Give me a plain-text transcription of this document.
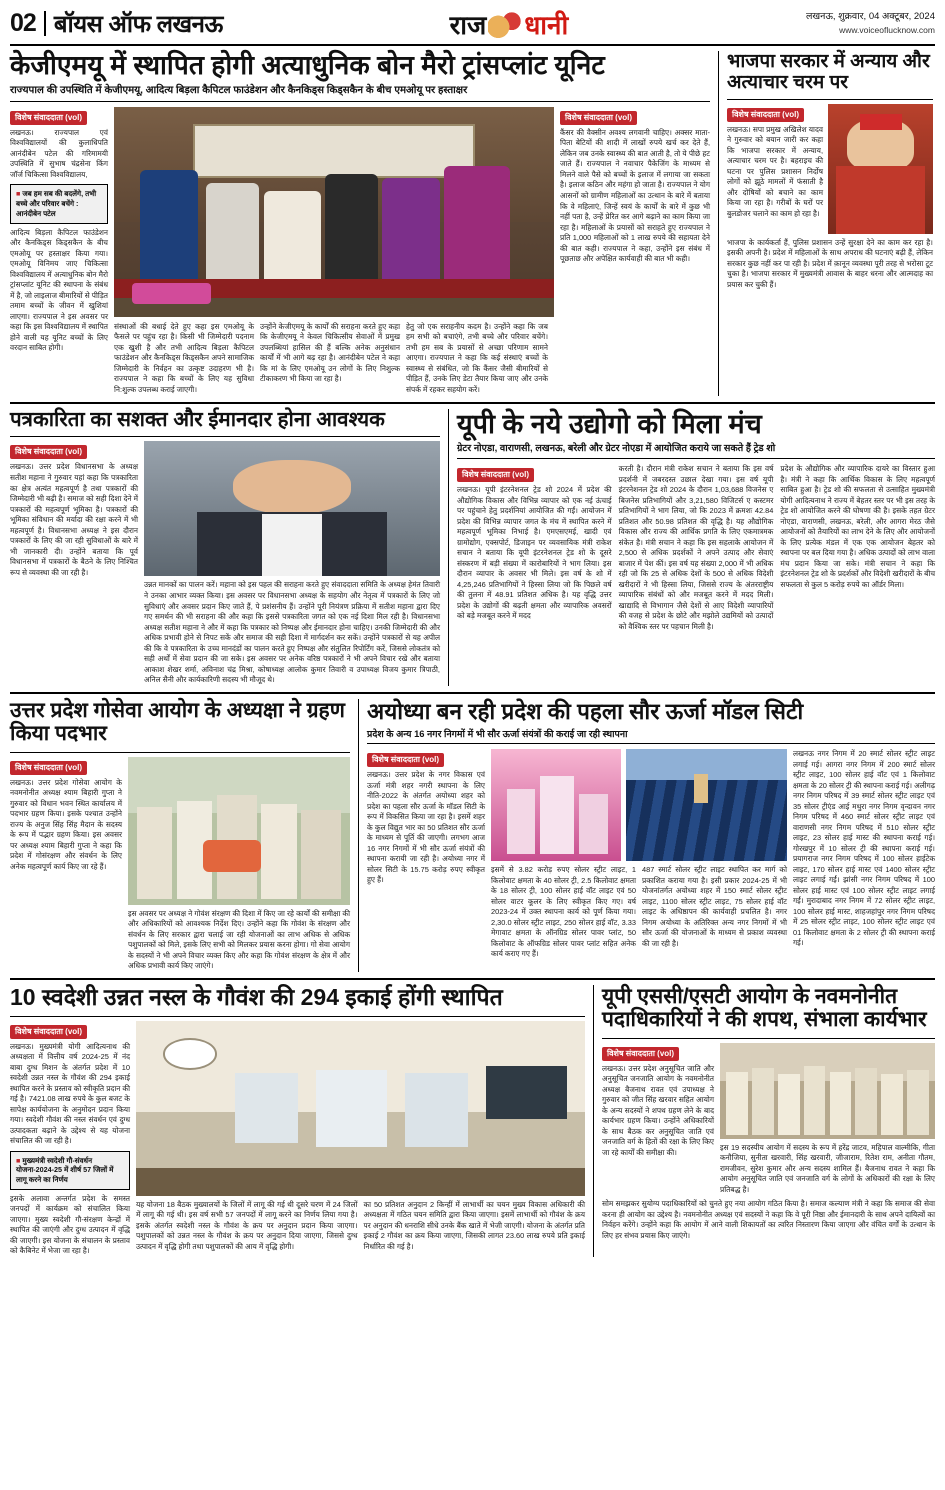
02 बॉयस ऑफ लखनऊ	राज धानी	लखनऊ, शुक्रवार, 04 अक्टूबर, 2024
www.voiceoflucknow.com
केजीएमयू में स्थापित होगी अत्याधुनिक बोन मैरो ट्रांसप्लांट यूनिट
राज्यपाल की उपस्थिति में केजीएमयू, आदित्य बिड़ला कैपिटल फाउंडेशन और कैनकिड्स किड्सकैन के बीच एमओयू पर हस्ताक्षर
विशेष संवाददाता (vol)
लखनऊ। राज्यपाल एवं विश्वविद्यालयों की कुलाधिपति आनंदीबेन पटेल की गरिमामयी उपस्थिति में सुभाष चंद्रसेना किंग जॉर्ज चिकित्सा विश्वविद्यालय,
■ जब हम सब की बदलेंगे, तभी बच्चे और परिवार बचेंगे : आनंदीबेन पटेल
आदित्य बिड़ला कैपिटल फाउंडेशन और कैनकिड्स किड्सकैन के बीच एमओयू पर हस्ताक्षर किया गया। एमओयू विनिमय जाए चिकित्सा विश्वविद्यालय में अत्याधुनिक बोन मैरो ट्रांसप्लांट यूनिट की स्थापना के संबंध में है, जो लाइलाज बीमारियों से पीड़ित तमाम बच्चों के जीवन में खुशियां लाएगा। राज्यपाल ने इस अवसर पर कहा कि इस विश्वविद्यालय में स्थापित होने वाली यह यूनिट बच्चों के लिए वरदान साबित होगी।
विशेष संवाददाता (vol)
कैंसर की वैक्सीन अवश्य लगवानी चाहिए। अक्सर माता-पिता बेटियों की शादी में लाखों रुपये खर्च कर देते हैं, लेकिन जब उनके स्वास्थ्य की बात आती है, तो ये पीछे हट जाते हैं। राज्यपाल ने नवाचार पैकेजिंग के माध्यम से मिलने वाले पैसे को बच्चों के इलाज में लगाया जा सकता है। इलाज कठिन और महंगा हो जाता है। राज्यपाल ने योग आसनों को ग्रामीण महिलाओं का उत्थान के बारे में बताया कि वे महिलाएं, जिन्हें स्वयं के कार्यों के बारे में कुछ भी नहीं पता है, उन्हें प्रेरित कर आगे बढ़ाने का काम किया जा रहा है। महिलाओं के प्रयासों को सराहते हुए राज्यपाल ने प्रति 1,000 महिलाओं को 1 लाख रुपये की सहायता देने की बात कही। राज्यपाल ने कहा, उन्होंने इस संबंध में पूछताछ और अपेक्षित कार्यवाही की बात भी कही।
संस्थाओं की बधाई देते हुए कहा इस एमओयू के फैसले पर पहुंच रहा है। किसी भी जिम्मेदारी पदनाम एक खुशी है और तभी आदित्य बिड़ला कैपिटल फाउंडेशन और कैनकिड्स किड्सकैन अपने सामाजिक जिम्मेदारी के निर्वहन का उत्कृष्ट उदाहरण भी है। राज्यपाल ने कहा कि बच्चों के लिए यह सुविधा नि:शुल्क उपलब्ध कराई जाएगी।
उन्होंने केजीएमयू के कार्यों की सराहना करते हुए कहा कि केजीएमयू ने केवल चिकित्सीय सेवाओं में प्रमुख उपलब्धियां हासिल की हैं बल्कि अनेक अनुसंधान कार्यों में भी आगे बढ़ रहा है। आनंदीबेन पटेल ने कहा कि मां के लिए एमओयू उन लोगों के लिए निशुल्क टीकाकरण भी किया जा रहा है।
हेतु जो एक सराहनीय कदम है। उन्होंने कहा कि जब हम सभी को बचाएंगे, तभी बच्चे और परिवार बचेंगे। तभी हम सब के प्रयासों से अच्छा परिणाम सामने आएगा। राज्यपाल ने कहा कि कई संस्थाएं बच्चों के स्वास्थ्य से संबंधित, जो कि कैंसर जैसी बीमारियों से पीड़ित हैं, उनके लिए डेटा तैयार किया जाए और उनके संपर्क में रहकर सहयोग करें।
भाजपा सरकार में अन्याय और अत्याचार चरम पर
विशेष संवाददाता (vol)
लखनऊ। सपा प्रमुख अखिलेश यादव ने गुरुवार को बयान जारी कर कहा कि भाजपा सरकार में अन्याय, अत्याचार चरम पर है। बहराइच की घटना पर पुलिस प्रशासन निर्दोष लोगों को झूठे मामलों में फंसाती है और दोषियों को बचाने का काम किया जा रहा है। गरीबों के घरों पर बुलडोजर चलाने का काम हो रहा है।
भाजपा के कार्यकर्ता हैं, पुलिस प्रशासन उन्हें सुरक्षा देने का काम कर रहा है। इसकी अपनी है। प्रदेश में महिलाओं के साथ अपराध की घटनाएं बढ़ी हैं, लेकिन सरकार कुछ नहीं कर पा रही है। प्रदेश में क़ानून व्यवस्था पूरी तरह से भरोसा टूट चुका है। भाजपा सरकार में मुख्यमंत्री आवास के बाहर धरना और आत्मदाह का प्रयास कर चुकी हैं।
पत्रकारिता का सशक्त और ईमानदार होना आवश्यक
विशेष संवाददाता (vol)
लखनऊ। उत्तर प्रदेश विधानसभा के अध्यक्ष सतीश महाना ने गुरुवार यहां कहा कि पत्रकारिता का क्षेत्र अत्यंत महत्वपूर्ण है तथा पत्रकारों की जिम्मेदारी भी बढ़ी है। समाज को सही दिशा देने में पत्रकारों की महत्वपूर्ण भूमिका है। पत्रकारों की भूमिका संविधान की मर्यादा की रक्षा करने में भी महत्वपूर्ण है। विधानसभा अध्यक्ष ने इस दौरान पत्रकारों के लिए की जा रही सुविधाओं के बारे में भी जानकारी दी। उन्होंने बताया कि पूर्व विधानसभा में पत्रकारों के बैठने के लिए निश्चित रूप से व्यवस्था की जा रही है।
उन्नत मानकों का पालन करें। महाना को इस पहल की सराहना करते हुए संवाददाता समिति के अध्यक्ष हेमंत तिवारी ने उनका आभार व्यक्त किया। इस अवसर पर विधानसभा अध्यक्ष के सहयोग और नेतृत्व में पत्रकारों के लिए जो सुविधाएं और अवसर प्रदान किए जाते हैं, पे प्रशंसनीय हैं। उन्होंने पूरी नियंत्रण प्रक्रिया में सतीश महाना द्वारा दिए गए समर्थन की भी सराहना की और कहा कि इससे पत्रकारिता जगत को एक नई दिशा मिल रही है। विधानसभा अध्यक्ष सतीश महाना ने और में कहा कि पत्रकार को निष्पक्ष और ईमानदार होना चाहिए। उनकी जिम्मेदारी की और अधिक प्रभावी होने से निपट सकें और समाज की सही दिशा में मार्गदर्शन कर सकें। उन्होंने पत्रकारों से यह अपील की कि वे पत्रकारिता के उच्च मानदंडों का पालन करते हुए निष्पक्ष और संतुलित रिपोर्टिंग करें, जिससे लोकतंत्र को सही अर्थों में सेवा प्रदान की जा सके। इस अवसर पर अनेक वरिष्ठ पत्रकारों ने भी अपने विचार रखे और बताया आकाश शेखर शर्मा, अविनाश चंद्र मिश्रा, कोषाध्यक्ष आलोक कुमार तिवारी व उपाध्यक्ष विजय कुमार त्रिपाठी, अनिल सैनी और कार्यकारिणी सदस्य भी मौजूद थे।
यूपी के नये उद्योगो को मिला मंच
ग्रेटर नोएडा, वाराणसी, लखनऊ, बरेली और ग्रेटर नोएडा में आयोजित कराये जा सकते हैं ट्रेड शो
विशेष संवाददाता (vol)
लखनऊ। यूपी इंटरनेशनल ट्रेड शो 2024 में प्रदेश की औद्योगिक विकास और विभिन्न व्यापार को एक नई ऊंचाई पर पहुंचाने हेतु प्रदर्शनियां आयोजित की गईं। आयोजन में प्रदेश की विभिन्न व्यापार जगत के मंच में स्थापित करने में महत्वपूर्ण भूमिका निभाई है। एमएसएमई, खादी एवं ग्रामोद्योग, एक्सपोर्ट, डिजाइन पर व्यवसायिक मंत्री राकेश सचान ने बताया कि यूपी इंटरनेशनल ट्रेड शो के दूसरे संस्करण में बड़ी संख्या में कारोबारियों ने भाग लिया। इस दौरान व्यापार के अवसर भी मिले। इस वर्ष के शो में 4,25,246 प्रतिभागियों ने हिस्सा लिया जो कि पिछले वर्ष की तुलना में 48.91 प्रतिशत अधिक है। यह वृद्धि उत्तर प्रदेश के उद्योगों की बढ़ती क्षमता और व्यापारिक अवसरों को बड़े मजबूत करने में मदद
करती है। दौरान मंत्री राकेश सचान ने बताया कि इस वर्ष प्रदर्शनी में जबरदस्त उछाल देखा गया। इस वर्ष यूपी इंटरनेशनल ट्रेड शो 2024 के दौरान 1,03,688 विजनेस ए बिजनेस प्रतिभागियों और 3,21,580 विजिटर्स ए कस्टमर प्रतिभागियों ने भाग लिया, जो कि 2023 में क्रमशः 42.84 प्रतिशत और 50.98 प्रतिशत की वृद्धि है। यह औद्योगिक विकास और राज्य की आर्थिक प्रगति के लिए एकमात्रमक संकेत है। मंत्री सचान ने कहा कि इस सहलाके आयोजन में 2,500 से अधिक प्रदर्शकों ने अपने उत्पाद और सेवाएं बाजार में पेश कीं। इस वर्ष यह संख्या 2,000 में भी अधिक रही जो कि 25 से अधिक देशों के 500 से अधिक विदेशी खरीदारों ने भी हिस्सा लिया, जिससे राज्य के अंतरराष्ट्रीय व्यापारिक संबंधों को और मजबूत करने में मदद मिली। खाद्यादि से विभागान जैसे देशों से आए विदेशी व्यापारियों की वजह से प्रदेश के छोटे और मझोले उद्यमियों को उत्पादों को वैश्विक स्तर पर पहचान मिली है।
प्रदेश के औद्योगिक और व्यापारिक दायरे का विस्तार हुआ है। मंत्री ने कहा कि आर्थिक विकास के लिए महत्वपूर्ण साबित हुआ है। ट्रेड शो की सफलता से उत्साहित मुख्यमंत्री योगी आदित्यनाथ ने राज्य में बेहतर स्तर पर भी इस तरह के ट्रेड शो आयोजित करने की घोषणा की है। इसके तहत ग्रेटर नोएडा, वाराणसी, लखनऊ, बरेली, और आगरा मेरठ जैसे आयोजनों को तैयारियों का लाभ देने के लिए और आयोजनों के लिए प्रत्येक मंडल में एक एक आयोजन बेहतर को स्थापना पर बल दिया गया है। अधिक उत्पादों को लाभ वाला मंच प्रदान किया जा सके। मंत्री सचान ने कहा कि इंटरनेशनल ट्रेड शो के प्रदर्शकों और विदेशी खरीदारों के बीच सफलता से कुल 5 करोड़ रुपये का ऑर्डर मिला।
उत्तर प्रदेश गोसेवा आयोग के अध्यक्षा ने ग्रहण किया पदभार
विशेष संवाददाता (vol)
लखनऊ। उत्तर प्रदेश गोसेवा आयोग के नवमनोनीत अध्यक्ष श्याम बिहारी गुप्ता ने गुरुवार को विधान भवन स्थित कार्यालय में पदभार ग्रहण किया। इसके पश्चात उन्होंने राज्य के अनुज सिंह सिंह मैदान के सदस्य के रूप में पद्भार ग्रहण किया। इस अवसर पर अध्यक्ष श्याम बिहारी गुप्ता ने कहा कि प्रदेश में गोसंरक्षण और संवर्धन के लिए अनेक महत्वपूर्ण कार्य किए जा रहे हैं।
इस अवसर पर अध्यक्ष ने गोवंश संरक्षण की दिशा में किए जा रहे कार्यों की समीक्षा की और अधिकारियों को आवश्यक निर्देश दिए। उन्होंने कहा कि गोवंश के संरक्षण और संवर्धन के लिए सरकार द्वारा चलाई जा रही योजनाओं का लाभ अधिक से अधिक पशुपालकों को मिले, इसके लिए सभी को मिलकर प्रयास करना होगा। गो सेवा आयोग के सदस्यों ने भी अपने विचार व्यक्त किए और कहा कि गोवंश संरक्षण के क्षेत्र में और अधिक प्रभावी कार्य किए जाएंगे।
अयोध्या बन रही प्रदेश की पहला सौर ऊर्जा मॉडल सिटी
प्रदेश के अन्य 16 नगर निगमों में भी सौर ऊर्जा संयंत्रों की कराई जा रही स्थापना
विशेष संवाददाता (vol)
लखनऊ। उत्तर प्रदेश के नगर विकास एवं ऊर्जा मंत्री शहर नगरी स्थापना के लिए नीति-2022 के अंतर्गत अयोध्या शहर को प्रदेश का पहला सौर ऊर्जा के मॉडल सिटी के रूप में विकसित किया जा रहा है। इसमें शहर के कुल विद्युत भार का 50 प्रतिशत सौर ऊर्जा के माध्यम से पूर्ति की जाएगी। लगभग आज 16 नगर निगमों में भी सौर ऊर्जा संयंत्रों की स्थापना करायी जा रही है। अयोध्या नगर में सोलर सिटी के 15.75 करोड़ रुपए स्वीकृत हुए हैं।
इसमें से 3.82 करोड़ रुपए सोलर स्ट्रीट लाइट, 1 किलोवाट क्षमता के 40 सोलर ट्री, 2.5 किलोवाट क्षमता के 18 सोलर ट्री, 100 सोलर हाई वॉट लाइट एवं 50 सोलर वाटर कूलर के लिए स्वीकृत किए गए। वर्ष 2023-24 में उक्त स्थापना कार्य को पूर्ण किया गया। 2,30.0 सोलर स्ट्रीट लाइट, 250 सोलर हाई वॉट, 3.33 मेगावाट क्षमता के ऑनग्रिड सोलर पावर प्लांट, 50 किलोवाट के ऑफग्रिड सोलर पावर प्लांट सहित अनेक कार्य कराए गए हैं।
487 स्मार्ट सोलर स्ट्रीट लाइट स्थापित कर मार्ग को प्रकाशित कराया गया है। इसी प्रकार 2024-25 में भी योजनांतर्गत अयोध्या शहर में 150 स्मार्ट सोलर स्ट्रीट लाइट, 1100 सोलर स्ट्रीट लाइट, 75 सोलर हाई वॉट लाइट के अधिष्ठापन की कार्यवाही प्रचलित है। नगर निगम अयोध्या के अतिरिक्त अन्य नगर निगमों में भी सौर ऊर्जा की योजनाओं के माध्यम से प्रकाश व्यवस्था की जा रही है।
लखनऊ नगर निगम में 20 स्मार्ट सोलर स्ट्रीट लाइट लगाई गई। आगरा नगर निगम में 200 स्मार्ट सोलर स्ट्रीट लाइट, 100 सोलर हाई वॉट एवं 1 किलोवाट क्षमता के 20 सोलर ट्री की स्थापना कराई गई। अलीगढ़ नगर निगम परिषद में 39 स्मार्ट सोलर स्ट्रीट लाइट एवं 35 सोलर ट्रीएंड आई मथुरा नगर निगम वृन्दावन नगर निगम परिषद में 460 स्मार्ट सोलर स्ट्रीट लाइट एवं वाराणसी नगर निगम परिषद में 510 सोलर स्ट्रीट लाइट, 23 सोलर हाई मास्ट की स्थापना कराई गई। गोरखपुर में 10 सोलर ट्री की स्थापना कराई गई। प्रयागराज नगर निगम परिषद में 100 सोलर हाईटेक लाइट, 170 सोलर हाई मास्ट एवं 1400 सोलर स्ट्रीट लाइट लगाई गईं। झांसी नगर निगम परिषद में 100 सोलर हाई मास्ट एवं 100 सोलर स्ट्रीट लाइट लगाई गईं। मुरादाबाद नगर निगम में 72 सोलर स्ट्रीट लाइट, 100 सोलर हाई मास्ट, शाहजहांपुर नगर निगम परिषद में 25 सोलर स्ट्रीट लाइट, 100 सोलर स्ट्रीट लाइट एवं 01 किलोवाट क्षमता के 2 सोलर ट्री की स्थापना कराई गई।
10 स्वदेशी उन्नत नस्ल के गौवंश की 294 इकाई होंगी स्थापित
विशेष संवाददाता (vol)
लखनऊ। मुख्यमंत्री योगी आदित्यनाथ की अध्यक्षता में वित्तीय वर्ष 2024-25 में नंद बाबा दुग्ध मिशन के अंतर्गत प्रदेश में 10 स्वदेशी उन्नत नस्ल के गौवंश की 294 इकाई स्थापित करने के प्रस्ताव को स्वीकृति प्रदान की गई है। 7421.08 लाख रुपये के कुल बजट के सापेक्ष कार्ययोजना के अनुमोदन प्रदान किया गया। स्वदेशी गौवंश की नस्ल संवर्धन एवं दुग्ध उत्पादकता बढ़ाने के उद्देश्य से यह योजना संचालित की जा रही है।
■ मुख्यमंत्री स्वदेशी गौ-संवर्धन योजना-2024-25 में शीर्ष 57 जिलों में लागू करने का निर्णय
इसके अलावा अन्तर्गत प्रदेश के समस्त जनपदों में कार्यक्रम को संचालित किया जाएगा। मुख्य स्वदेशी गौ-संरक्षण केन्द्रों में स्थापित की जाएंगी और दुग्ध उत्पादन में वृद्धि की जाएगी। इस योजना के संचालन के प्रस्ताव को कैबिनेट में भेजा जा रहा है।
यह योजना 18 बैठक मुख्यालयों के जिलों में लागू की गई थी दूसरे चरण में 24 जिलों में लागू की गई थी। इस वर्ष सभी 57 जनपदों में लागू करने का निर्णय लिया गया है। इसके अंतर्गत स्वदेशी नस्ल के गौवंश के क्रय पर अनुदान प्रदान किया जाएगा। पशुपालकों को उन्नत नस्ल के गौवंश के क्रय पर अनुदान दिया जाएगा, जिससे दुग्ध उत्पादन में वृद्धि होगी तथा पशुपालकों की आय में वृद्धि होगी।
का 50 प्रतिशत अनुदान 2 किन्हीं में लाभार्थी का चयन मुख्य विकास अधिकारी की अध्यक्षता में गठित चयन समिति द्वारा किया जाएगा। इसमें लाभार्थी को गौवंश के क्रय पर अनुदान की धनराशि सीधे उनके बैंक खाते में भेजी जाएगी। योजना के अंतर्गत प्रति इकाई 2 गौवंश का क्रय किया जाएगा, जिसकी लागत 23.60 लाख रुपये प्रति इकाई निर्धारित की गई है।
यूपी एससी/एसटी आयोग के नवमनोनीत पदाधिकारियों ने की शपथ, संभाला कार्यभार
विशेष संवाददाता (vol)
लखनऊ। उत्तर प्रदेश अनुसूचित जाति और अनुसूचित जनजाति आयोग के नवमनोनीत अध्यक्ष बैजनाथ रावत एवं उपाध्यक्ष ने गुरुवार को जीत सिंह खरवार सहित आयोग के अन्य सदस्यों ने शपथ ग्रहण लेने के बाद कार्यभार ग्रहण किया। उन्होंने अधिकारियों के साथ बैठक कर अनुसूचित जाति एवं जनजाति वर्ग के हितों की रक्षा के लिए किए जा रहे कार्यों की समीक्षा की।
इस 19 सदस्यीय आयोग में सदस्य के रूप में हरेंद्र जाटव, महिपाल वाल्मीकि, गीता कनौजिया, सुनीता खरवारी, सिंह खरवारी, जीजाराम, रितेश राम, अनीता गौतम, रामजीवन, सुरेश कुमार और अन्य सदस्य शामिल हैं। बैजनाथ रावत ने कहा कि आयोग अनुसूचित जाति एवं जनजाति वर्ग के लोगों के अधिकारों की रक्षा के लिए प्रतिबद्ध है।
सोम समझकर सुयोग्य पदाधिकारियों को चुनते हुए नया आयोग गठित किया है। समाज कल्याण मंत्री ने कहा कि समाज की सेवा करना ही आयोग का उद्देश्य है। नवमनोनीत अध्यक्ष एवं सदस्यों ने कहा कि वे पूरी निष्ठा और ईमानदारी के साथ अपने दायित्वों का निर्वहन करेंगे। उन्होंने कहा कि आयोग में आने वाली शिकायतों का त्वरित निस्तारण किया जाएगा और वंचित वर्गों के उत्थान के लिए हर संभव प्रयास किए जाएंगे।
